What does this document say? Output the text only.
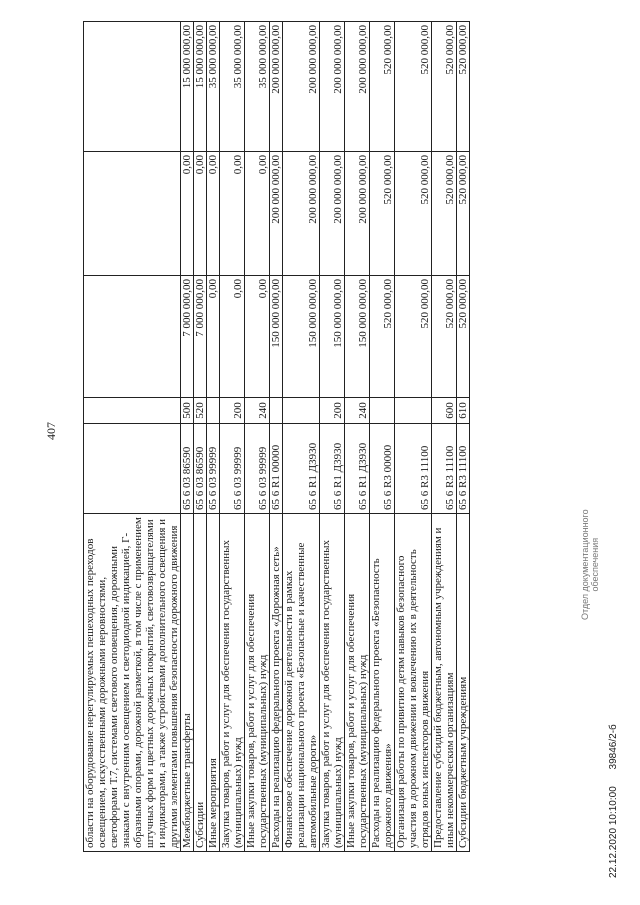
407
области на оборудование нерегулируемых пешеходных переходов освещением, искусственными дорожными неровностями, светофорами Т.7, системами светового оповещения, дорожными знаками с внутренним освещением и светодиодной индикацией, Г-образными опорами, дорожной разметкой, в том числе с применением штучных форм и цветных дорожных покрытий, световозвращателями и индикаторами, а также устройствами дополнительного освещения и другими элементами повышения безопасности дорожного движения					
Межбюджетные трансферты	65 6 03 86590	500	7 000 000,00	0,00	15 000 000,00
Субсидии	65 6 03 86590	520	7 000 000,00	0,00	15 000 000,00
Иные мероприятия	65 6 03 99999		0,00	0,00	35 000 000,00
Закупка товаров, работ и услуг для обеспечения государственных (муниципальных) нужд	65 6 03 99999	200	0,00	0,00	35 000 000,00
Иные закупки товаров, работ и услуг для обеспечения государственных (муниципальных) нужд	65 6 03 99999	240	0,00	0,00	35 000 000,00
Расходы на реализацию федерального проекта «Дорожная сеть»	65 6 R1 00000		150 000 000,00	200 000 000,00	200 000 000,00
Финансовое обеспечение дорожной деятельности в рамках реализации национального проекта «Безопасные и качественные автомобильные дороги»	65 6 R1 Д3930		150 000 000,00	200 000 000,00	200 000 000,00
Закупка товаров, работ и услуг для обеспечения государственных (муниципальных) нужд	65 6 R1 Д3930	200	150 000 000,00	200 000 000,00	200 000 000,00
Иные закупки товаров, работ и услуг для обеспечения государственных (муниципальных) нужд	65 6 R1 Д3930	240	150 000 000,00	200 000 000,00	200 000 000,00
Расходы на реализацию федерального проекта «Безопасность дорожного движения»	65 6 R3 00000		520 000,00	520 000,00	520 000,00
Организация работы по привитию детям навыков безопасного участия в дорожном движении и вовлечению их в деятельность отрядов юных инспекторов движения	65 6 R3 11100		520 000,00	520 000,00	520 000,00
Предоставление субсидий бюджетным, автономным учреждениям и иным некоммерческим организациям	65 6 R3 11100	600	520 000,00	520 000,00	520 000,00
Субсидии бюджетным учреждениям	65 6 R3 11100	610	520 000,00	520 000,00	520 000,00
Отдел документационного обеспечения
22.12.2020 10:10:00 39846/2-б
